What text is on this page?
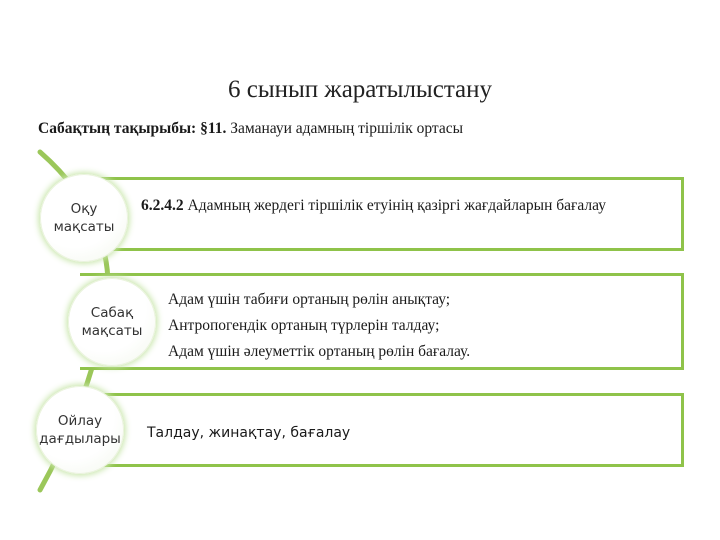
6 сынып жаратылыстану
Сабақтың тақырыбы: §11. Заманауи адамның тіршілік ортасы
6.2.4.2 Адамның жердегі тіршілік етуінің қазіргі жағдайларын бағалау
Адам үшін табиғи ортаның рөлін анықтау;
Антропогендік ортаның түрлерін талдау;
Адам үшін әлеуметтік ортаның рөлін бағалау.
Талдау, жинақтау, бағалау
Оқу
мақсаты
Сабақ
мақсаты
Ойлау
дағдылары
